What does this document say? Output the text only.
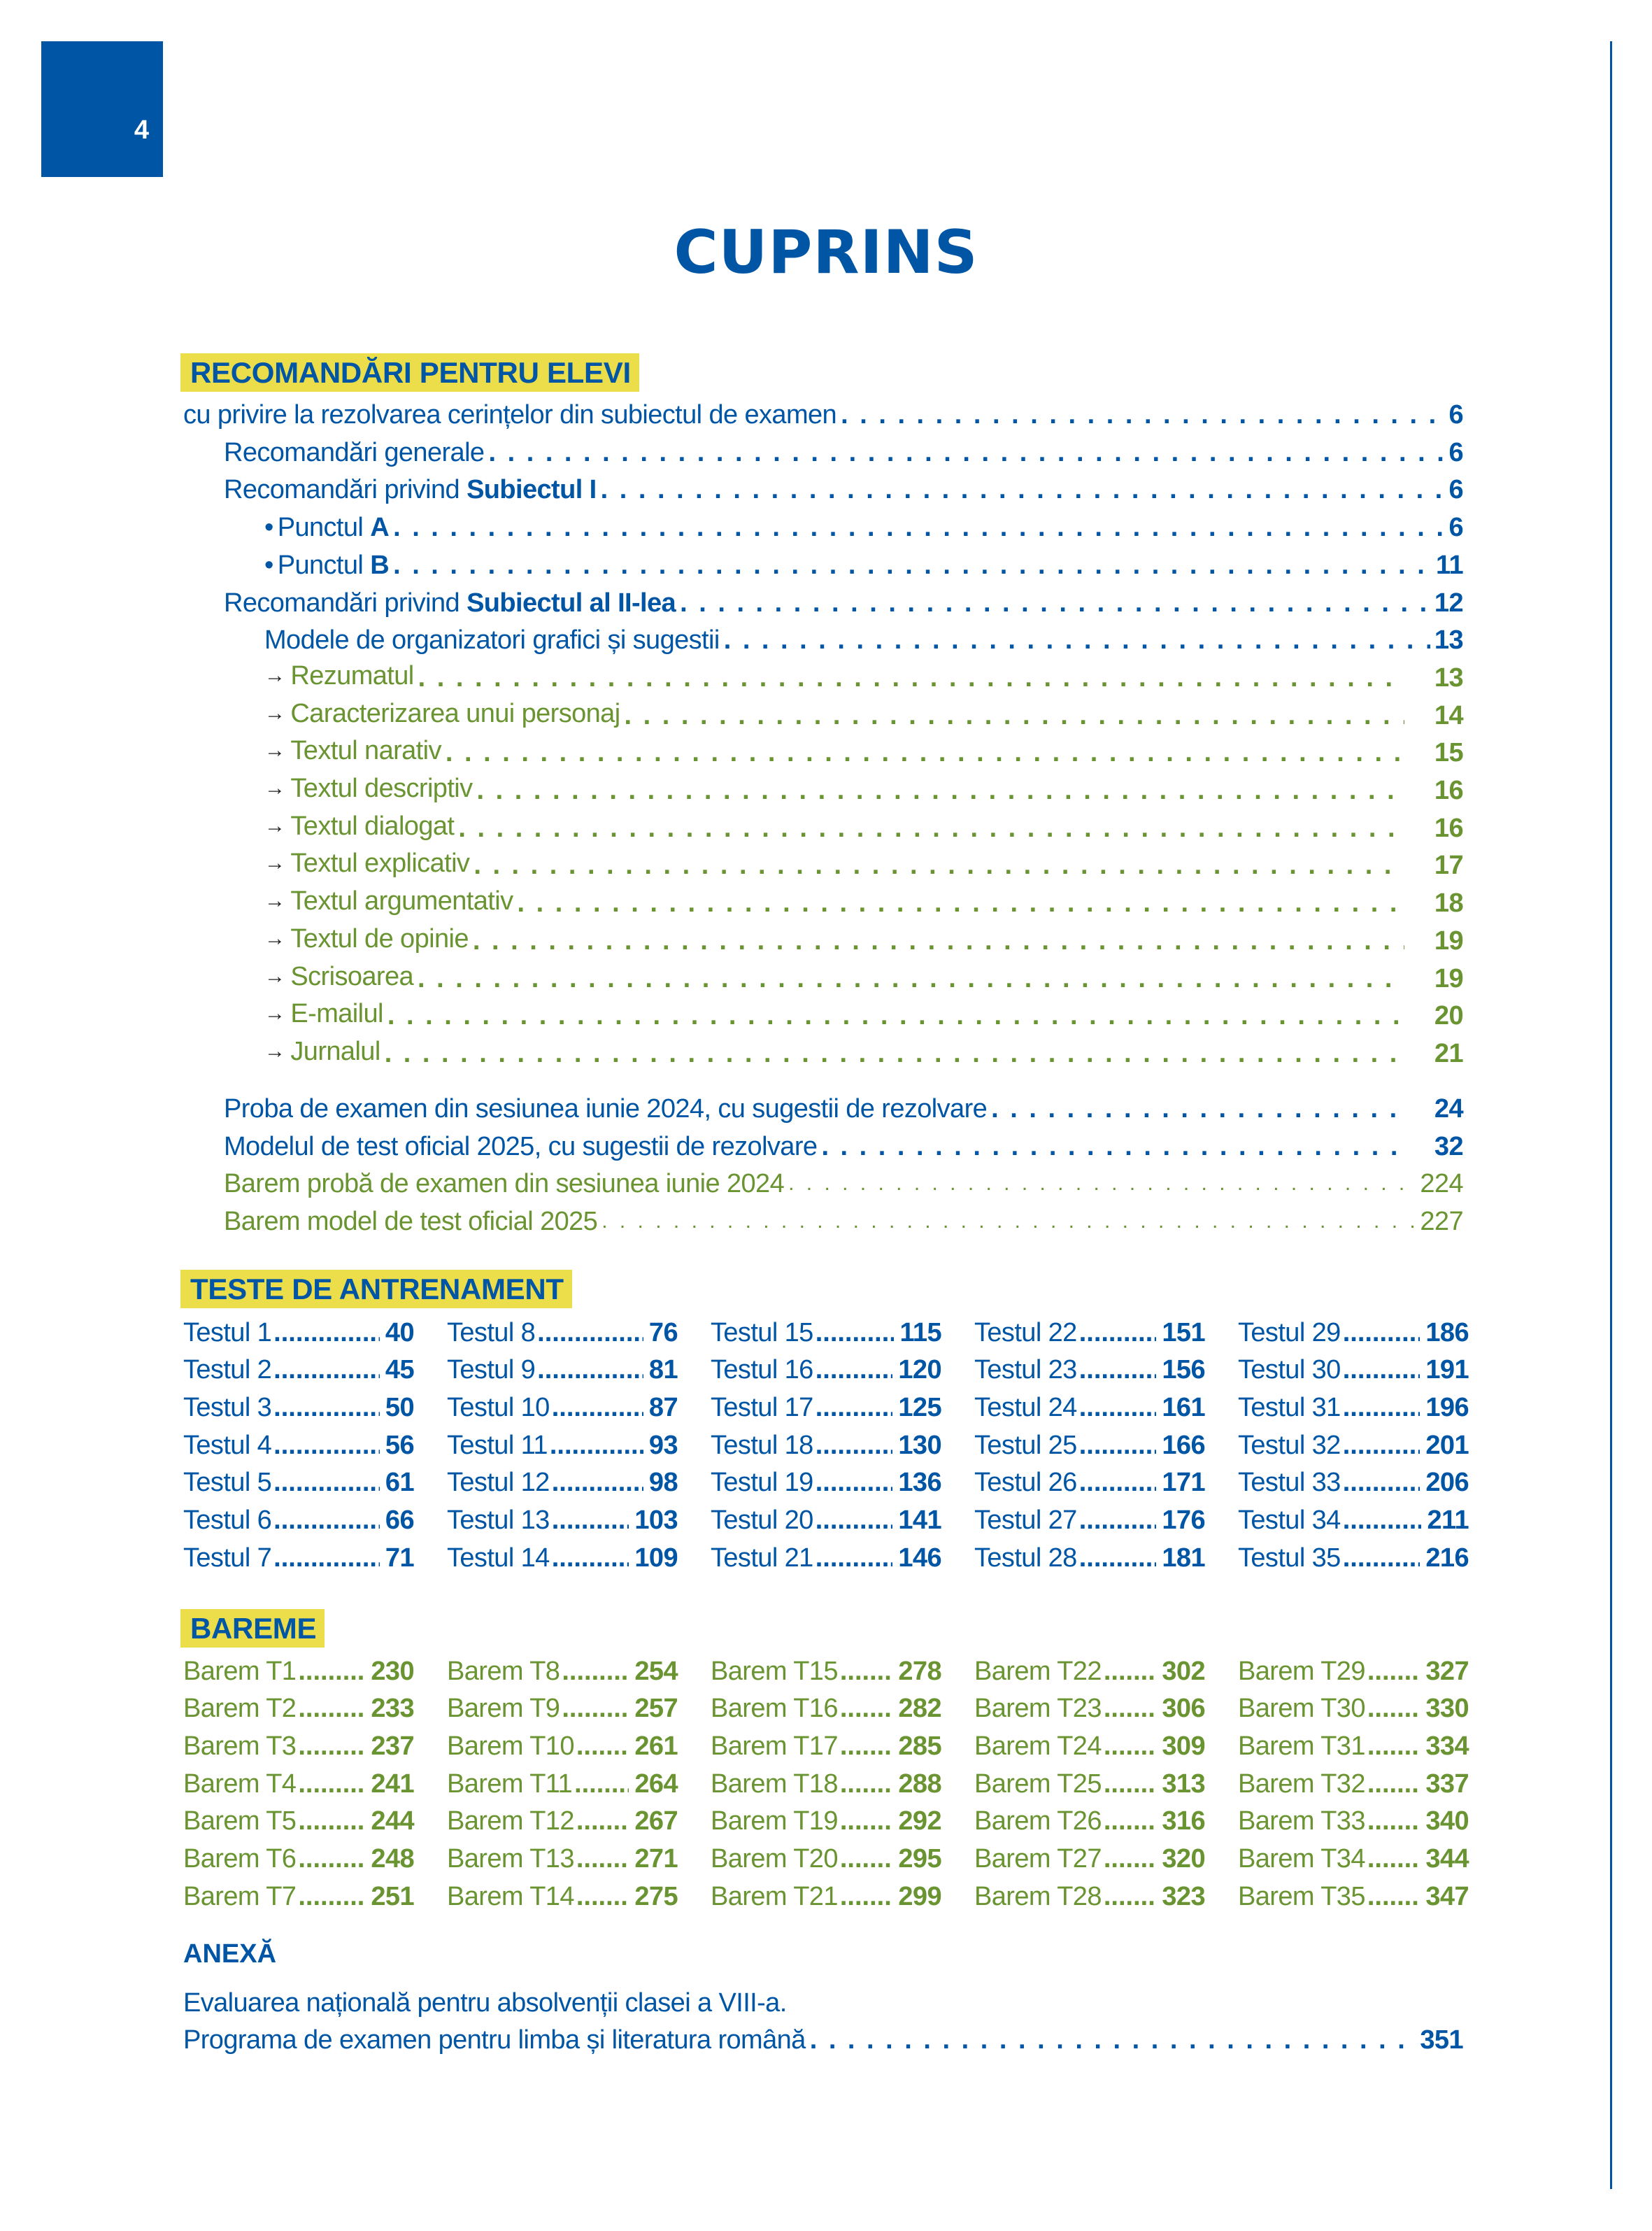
4
CUPRINS
RECOMANDĂRI PENTRU ELEVI
cu privire la rezolvarea cerințelor din subiectul de examen . . .	6
Recomandări generale . . .	6
Recomandări privind Subiectul I . . .	6
• Punctul A . . .	6
• Punctul B . . .	11
Recomandări privind Subiectul al II-lea . . .	12
Modele de organizatori grafici și sugestii . . .	13
→ Rezumatul . . .	13
→ Caracterizarea unui personaj . . .	14
→ Textul narativ . . .	15
→ Textul descriptiv . . .	16
→ Textul dialogat . . .	16
→ Textul explicativ . . .	17
→ Textul argumentativ . . .	18
→ Textul de opinie . . .	19
→ Scrisoarea . . .	19
→ E-mailul . . .	20
→ Jurnalul . . .	21
Proba de examen din sesiunea iunie 2024, cu sugestii de rezolvare . . .	24
Modelul de test oficial 2025, cu sugestii de rezolvare . . .	32
Barem probă de examen din sesiunea iunie 2024 . . .	224
Barem model de test oficial 2025 . . .	227
TESTE DE ANTRENAMENT
Testul 1 .....	40 Testul 8 .....	76 Testul 15 .....	115 Testul 22 .....	151 Testul 29 .....	186
Testul 2 .....	45 Testul 9 .....	81 Testul 16 .....	120 Testul 23 .....	156 Testul 30 .....	191
Testul 3 .....	50 Testul 10 .....	87 Testul 17 .....	125 Testul 24 .....	161 Testul 31 .....	196
Testul 4 .....	56 Testul 11 .....	93 Testul 18 .....	130 Testul 25 .....	166 Testul 32 .....	201
Testul 5 .....	61 Testul 12 .....	98 Testul 19 .....	136 Testul 26 .....	171 Testul 33 .....	206
Testul 6 .....	66 Testul 13 .....	103 Testul 20 .....	141 Testul 27 .....	176 Testul 34 .....	211
Testul 7 .....	71 Testul 14 .....	109 Testul 21 .....	146 Testul 28 .....	181 Testul 35 .....	216
BAREME
Barem T1 .....	230 Barem T8 .....	254 Barem T15 ..... 278 Barem T22 ..... 302 Barem T29 ..... 327
Barem T2 .....	233 Barem T9 .....	257 Barem T16 ..... 282 Barem T23 ..... 306 Barem T30 ..... 330
Barem T3 .....	237 Barem T10 ..... 261 Barem T17 ..... 285 Barem T24 ..... 309 Barem T31 ..... 334
Barem T4 .....	241 Barem T11 ..... 264 Barem T18 ..... 288 Barem T25 ..... 313 Barem T32 ..... 337
Barem T5 .....	244 Barem T12 ..... 267 Barem T19 ..... 292 Barem T26 ..... 316 Barem T33 ..... 340
Barem T6 .....	248 Barem T13 ..... 271 Barem T20 ..... 295 Barem T27 ..... 320 Barem T34 ..... 344
Barem T7 .....	251 Barem T14 ..... 275 Barem T21 ..... 299 Barem T28 ..... 323 Barem T35 ..... 347
ANEXĂ
Evaluarea națională pentru absolvenții clasei a VIII-a.
Programa de examen pentru limba și literatura română . . .	351
